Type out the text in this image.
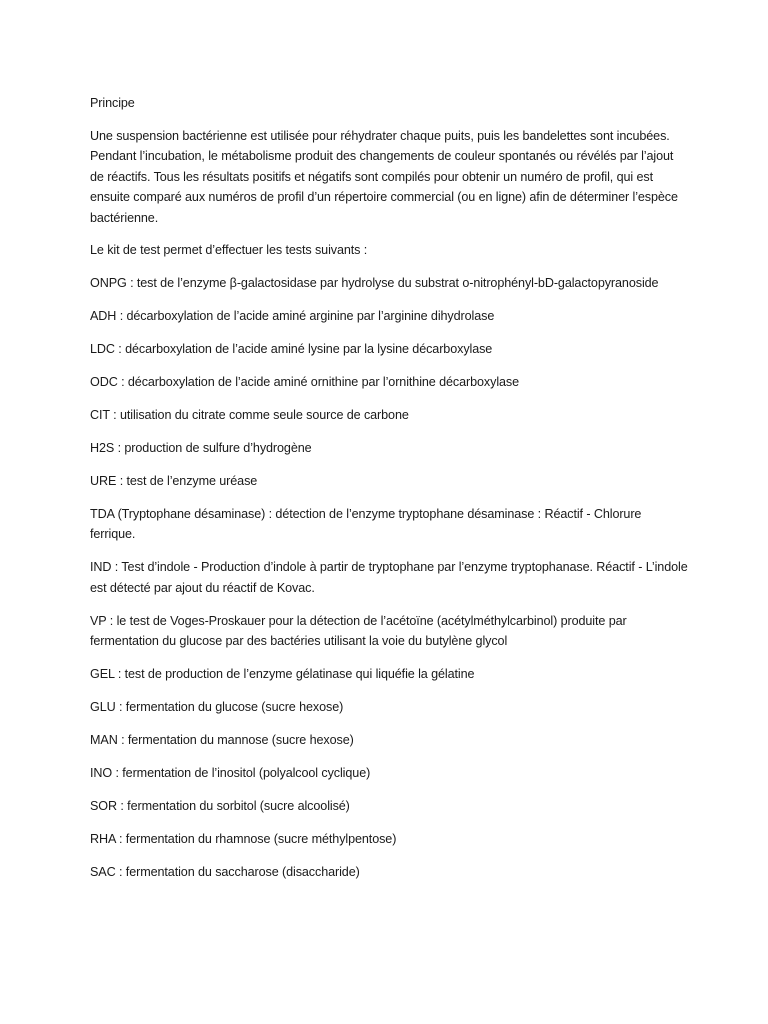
Principe

Une suspension bactérienne est utilisée pour réhydrater chaque puits, puis les bandelettes sont incubées. Pendant l’incubation, le métabolisme produit des changements de couleur spontanés ou révélés par l’ajout de réactifs. Tous les résultats positifs et négatifs sont compilés pour obtenir un numéro de profil, qui est ensuite comparé aux numéros de profil d’un répertoire commercial (ou en ligne) afin de déterminer l’espèce bactérienne.

Le kit de test permet d’effectuer les tests suivants :

ONPG : test de l’enzyme β-galactosidase par hydrolyse du substrat o-nitrophényl-bD-galactopyranoside

ADH : décarboxylation de l’acide aminé arginine par l’arginine dihydrolase

LDC : décarboxylation de l’acide aminé lysine par la lysine décarboxylase

ODC : décarboxylation de l’acide aminé ornithine par l’ornithine décarboxylase

CIT : utilisation du citrate comme seule source de carbone

H2S : production de sulfure d’hydrogène

URE : test de l’enzyme uréase

TDA (Tryptophane désaminase) : détection de l’enzyme tryptophane désaminase : Réactif - Chlorure ferrique.

IND : Test d’indole - Production d’indole à partir de tryptophane par l’enzyme tryptophanase. Réactif - L’indole est détecté par ajout du réactif de Kovac.

VP : le test de Voges-Proskauer pour la détection de l’acétoïne (acétylméthylcarbinol) produite par fermentation du glucose par des bactéries utilisant la voie du butylène glycol

GEL : test de production de l’enzyme gélatinase qui liquéfie la gélatine

GLU : fermentation du glucose (sucre hexose)

MAN : fermentation du mannose (sucre hexose)

INO : fermentation de l’inositol (polyalcool cyclique)

SOR : fermentation du sorbitol (sucre alcoolisé)

RHA : fermentation du rhamnose (sucre méthylpentose)

SAC : fermentation du saccharose (disaccharide)
